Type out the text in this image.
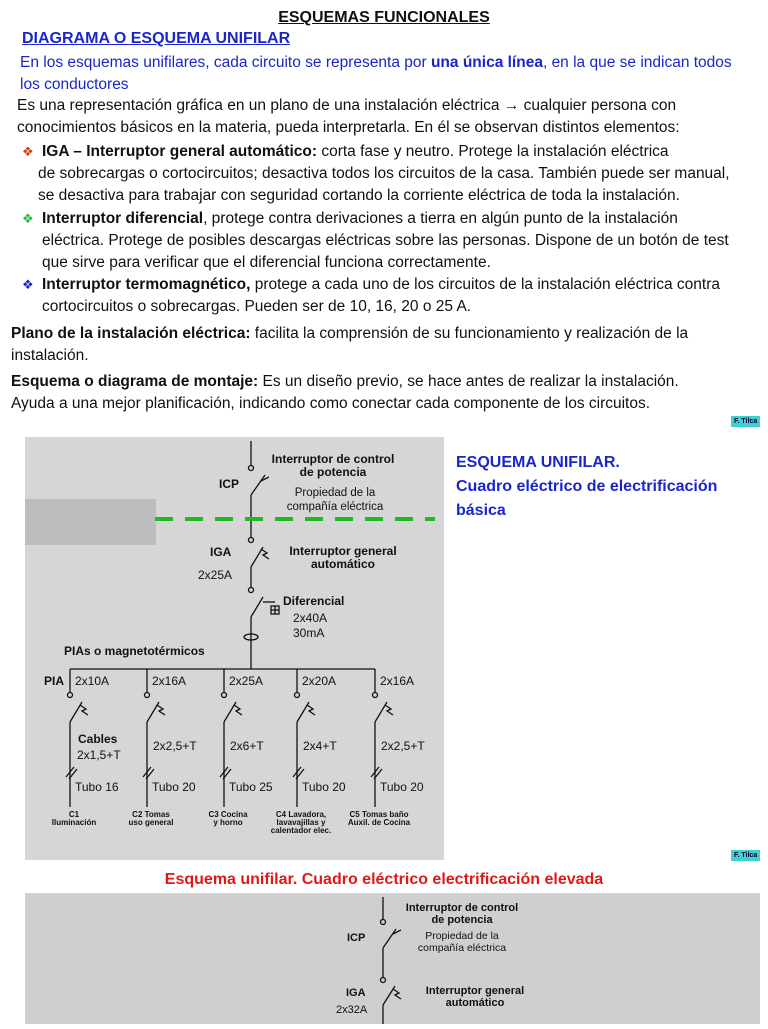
ESQUEMAS FUNCIONALES
DIAGRAMA O ESQUEMA UNIFILAR
En los esquemas unifilares, cada circuito se representa por una única línea, en la que se indican todos los conductores
Es una representación gráfica en un plano de una instalación eléctrica → cualquier persona con conocimientos básicos en la materia, pueda interpretarla. En él se observan distintos elementos:
❖ IGA – Interruptor general automático: corta fase y neutro. Protege la instalación eléctrica
de sobrecargas o cortocircuitos; desactiva todos los circuitos de la casa. También puede ser manual,
se desactiva para trabajar con seguridad cortando la corriente eléctrica de toda la instalación.
❖ Interruptor diferencial, protege contra derivaciones a tierra en algún punto de la instalación
eléctrica. Protege de posibles descargas eléctricas sobre las personas. Dispone de un botón de test
que sirve para verificar que el diferencial funciona correctamente.
❖ Interruptor termomagnético, protege a cada uno de los circuitos de la instalación eléctrica contra
cortocircuitos o sobrecargas. Pueden ser de 10, 16, 20 o 25 A.
Plano de la instalación eléctrica: facilita la comprensión de su funcionamiento y realización de la instalación.
Esquema o diagrama de montaje: Es un diseño previo, se hace antes de realizar la instalación.
Ayuda a una mejor planificación, indicando como conectar cada componente de los circuitos.
F. Tilca
ICP
Interruptor de control
de potencia
Propiedad de la
compañía eléctrica
IGA
2x25A
Interruptor general
automático
Diferencial
2x40A
30mA
PIAs o magnetotérmicos
PIA
Cables
2x10A
2x1,5+T
Tubo 16
C1
Iluminación
2x16A
2x2,5+T
Tubo 20
C2 Tomas
uso general
2x25A
2x6+T
Tubo 25
C3 Cocina
y horno
2x20A
2x4+T
Tubo 20
C4 Lavadora,
lavavajillas y
calentador elec.
2x16A
2x2,5+T
Tubo 20
C5 Tomas baño
Auxil. de Cocina
ESQUEMA UNIFILAR.
Cuadro eléctrico de electrificación
básica
F. Tilca
Esquema unifilar. Cuadro eléctrico electrificación elevada
ICP
Interruptor de control
de potencia
Propiedad de la
compañía eléctrica
IGA
2x32A
Interruptor general
automático
